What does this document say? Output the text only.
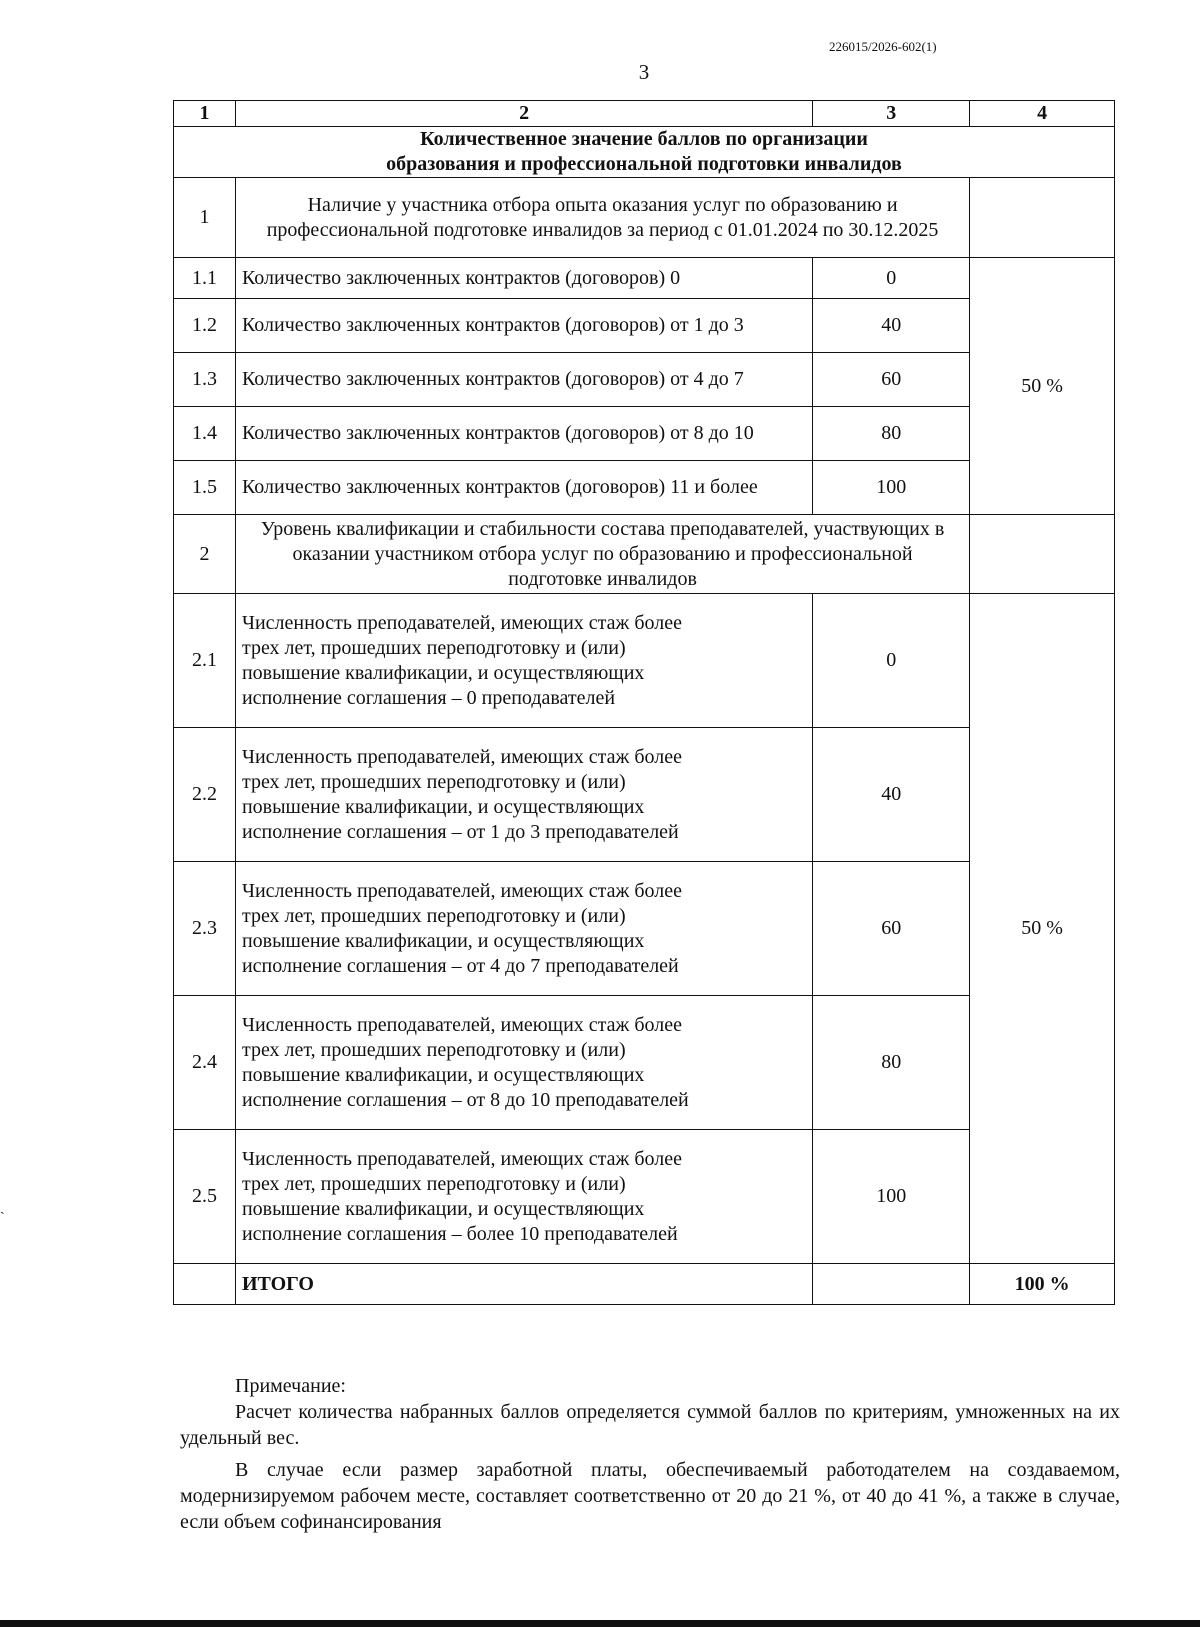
226015/2026-602(1)
3
1	2	3	4
Количественное значение баллов по организации образования и профессиональной подготовки инвалидов			
1	Наличие у участника отбора опыта оказания услуг по образованию и профессиональной подготовке инвалидов за период с 01.01.2024 по 30.12.2025		
1.1	Количество заключенных контрактов (договоров) 0	0	50 %
1.2	Количество заключенных контрактов (договоров) от 1 до 3	40	
1.3	Количество заключенных контрактов (договоров) от 4 до 7	60	
1.4	Количество заключенных контрактов (договоров) от 8 до 10	80	
1.5	Количество заключенных контрактов (договоров) 11 и более	100	
2	Уровень квалификации и стабильности состава преподавателей, участвующих в оказании участником отбора услуг по образованию и профессиональной подготовке инвалидов		
2.1	Численность преподавателей, имеющих стаж более трех лет, прошедших переподготовку и (или) повышение квалификации, и осуществляющих исполнение соглашения – 0 преподавателей	0	50 %
2.2	Численность преподавателей, имеющих стаж более трех лет, прошедших переподготовку и (или) повышение квалификации, и осуществляющих исполнение соглашения – от 1 до 3 преподавателей	40	
2.3	Численность преподавателей, имеющих стаж более трех лет, прошедших переподготовку и (или) повышение квалификации, и осуществляющих исполнение соглашения – от 4 до 7 преподавателей	60	
2.4	Численность преподавателей, имеющих стаж более трех лет, прошедших переподготовку и (или) повышение квалификации, и осуществляющих исполнение соглашения – от 8 до 10 преподавателей	80	
2.5	Численность преподавателей, имеющих стаж более трех лет, прошедших переподготовку и (или) повышение квалификации, и осуществляющих исполнение соглашения – более 10 преподавателей	100	
	ИТОГО		100 %

Примечание:

Расчет количества набранных баллов определяется суммой баллов по критериям, умноженных на их удельный вес.

В случае если размер заработной платы, обеспечиваемый работодателем на создаваемом, модернизируемом рабочем месте, составляет соответственно от 20 до 21 %, от 40 до 41 %, а также в случае, если объем софинансирования

ˏ
